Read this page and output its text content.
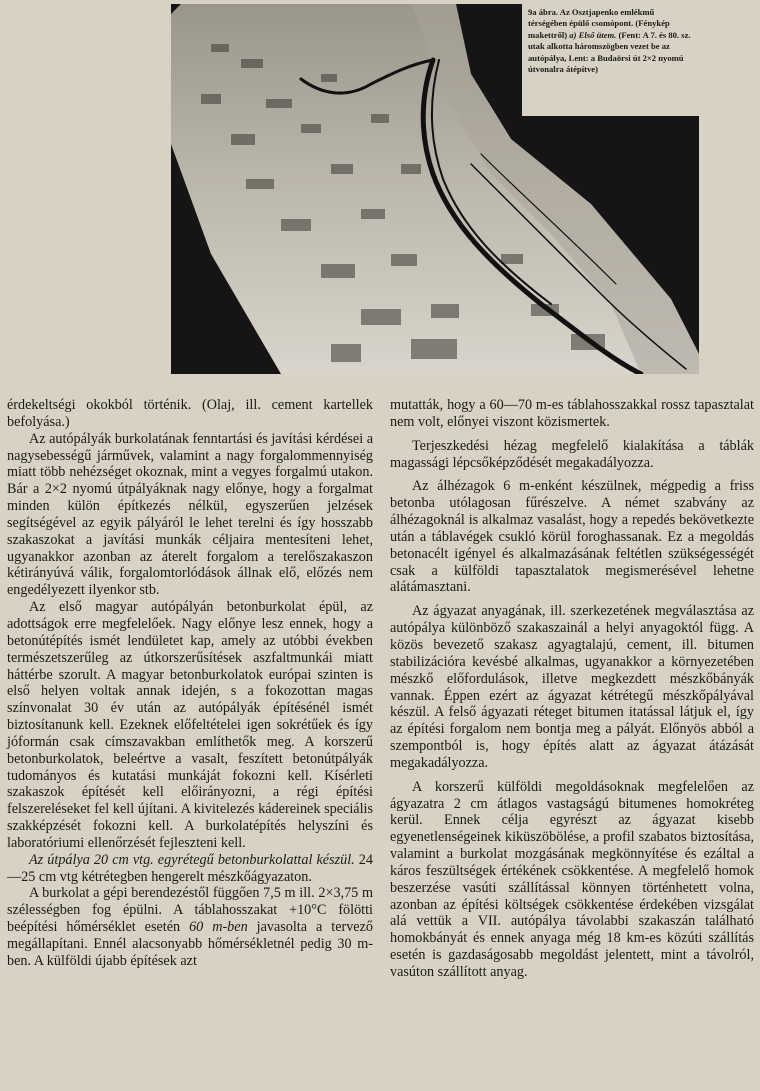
9a ábra. Az Osztjapenko emlékmű térségében épülő csomópont. (Fénykép makettről) a) Első ütem. (Fent: A 7. és 80. sz. utak alkotta háromszögben vezet be az autópálya, Lent: a Budaörsi út 2×2 nyomú útvonalra átépítve)

érdekeltségi okokból történik. (Olaj, ill. cement kartellek befolyása.)

Az autópályák burkolatának fenntartási és javítási kérdései a nagysebességű járművek, valamint a nagy forgalommennyiség miatt több nehézséget okoznak, mint a vegyes forgalmú utakon. Bár a 2×2 nyomú útpályáknak nagy előnye, hogy a forgalmat minden külön építkezés nélkül, egyszerűen jelzések segítségével az egyik pályáról le lehet terelni és így hosszabb szakaszokat a javítási munkák céljaira mentesíteni lehet, ugyanakkor azonban az áterelt forgalom a terelőszakaszon kétirányúvá válik, forgalomtorlódások állnak elő, előzés nem engedélyezett ilyenkor stb.

Az első magyar autópályán betonburkolat épül, az adottságok erre megfelelőek. Nagy előnye lesz ennek, hogy a betonútépítés ismét lendületet kap, amely az utóbbi években természetszerűleg az útkorszerűsítések aszfaltmunkái miatt háttérbe szorult. A magyar betonburkolatok európai szinten is első helyen voltak annak idején, s a fokozottan magas színvonalat 30 év után az autópályák építésénél ismét biztosítanunk kell. Ezeknek előfeltételei igen sokrétűek és így jóformán csak címszavakban említhetők meg. A korszerű betonburkolatok, beleértve a vasalt, feszített betonútpályák tudományos és kutatási munkáját fokozni kell. Kísérleti szakaszok építését kell előirányozni, a régi építési felszereléseket fel kell újítani. A kivitelezés kádereinek speciális szakképzését fokozni kell. A burkolatépítés helyszíni és laboratóriumi ellenőrzését fejleszteni kell.

Az útpálya 20 cm vtg. egyrétegű betonburkolattal készül. 24—25 cm vtg kétrétegben hengerelt mészkőágyazaton.

A burkolat a gépi berendezéstől függően 7,5 m ill. 2×3,75 m szélességben fog épülni. A táblahosszakat +10°C fölötti beépítési hőmérséklet esetén 60 m-ben javasolta a tervező megállapítani. Ennél alacsonyabb hőmérsékletnél pedig 30 m-ben. A külföldi újabb építések azt

mutatták, hogy a 60—70 m-es táblahosszakkal rossz tapasztalat nem volt, előnyei viszont közismertek.

Terjeszkedési hézag megfelelő kialakítása a táblák magassági lépcsőképződését megakadályozza.

Az álhézagok 6 m-enként készülnek, mégpedig a friss betonba utólagosan fűrészelve. A német szabvány az álhézagoknál is alkalmaz vasalást, hogy a repedés bekövetkezte után a táblavégek csukló körül foroghassanak. Ez a megoldás betonacélt igényel és alkalmazásának feltétlen szükségességét csak a külföldi tapasztalatok megismerésével lehetne alátámasztani.

Az ágyazat anyagának, ill. szerkezetének megválasztása az autópálya különböző szakaszainál a helyi anyagoktól függ. A közös bevezető szakasz agyagtalajú, cement, ill. bitumen stabilizációra kevésbé alkalmas, ugyanakkor a környezetében mészkő előfordulások, illetve megkezdett mészkőbányák vannak. Éppen ezért az ágyazat kétrétegű mészkőpályával készül. A felső ágyazati réteget bitumen itatással látjuk el, így az építési forgalom nem bontja meg a pályát. Előnyös abból a szempontból is, hogy építés alatt az ágyazat átázását megakadályozza.

A korszerű külföldi megoldásoknak megfelelően az ágyazatra 2 cm átlagos vastagságú bitumenes homokréteg kerül. Ennek célja egyrészt az ágyazat kisebb egyenetlenségeinek kiküszöbölése, a profil szabatos biztosítása, valamint a burkolat mozgásának megkönnyítése és ezáltal a káros feszültségek értékének csökkentése. A megfelelő homok beszerzése vasúti szállítással könnyen történhetett volna, azonban az építési költségek csökkentése érdekében vizsgálat alá vettük a VII. autópálya távolabbi szakaszán található homokbányát és ennek anyaga még 18 km-es közúti szállítás esetén is gazdaságosabb megoldást jelentett, mint a távolról, vasúton szállított anyag.
